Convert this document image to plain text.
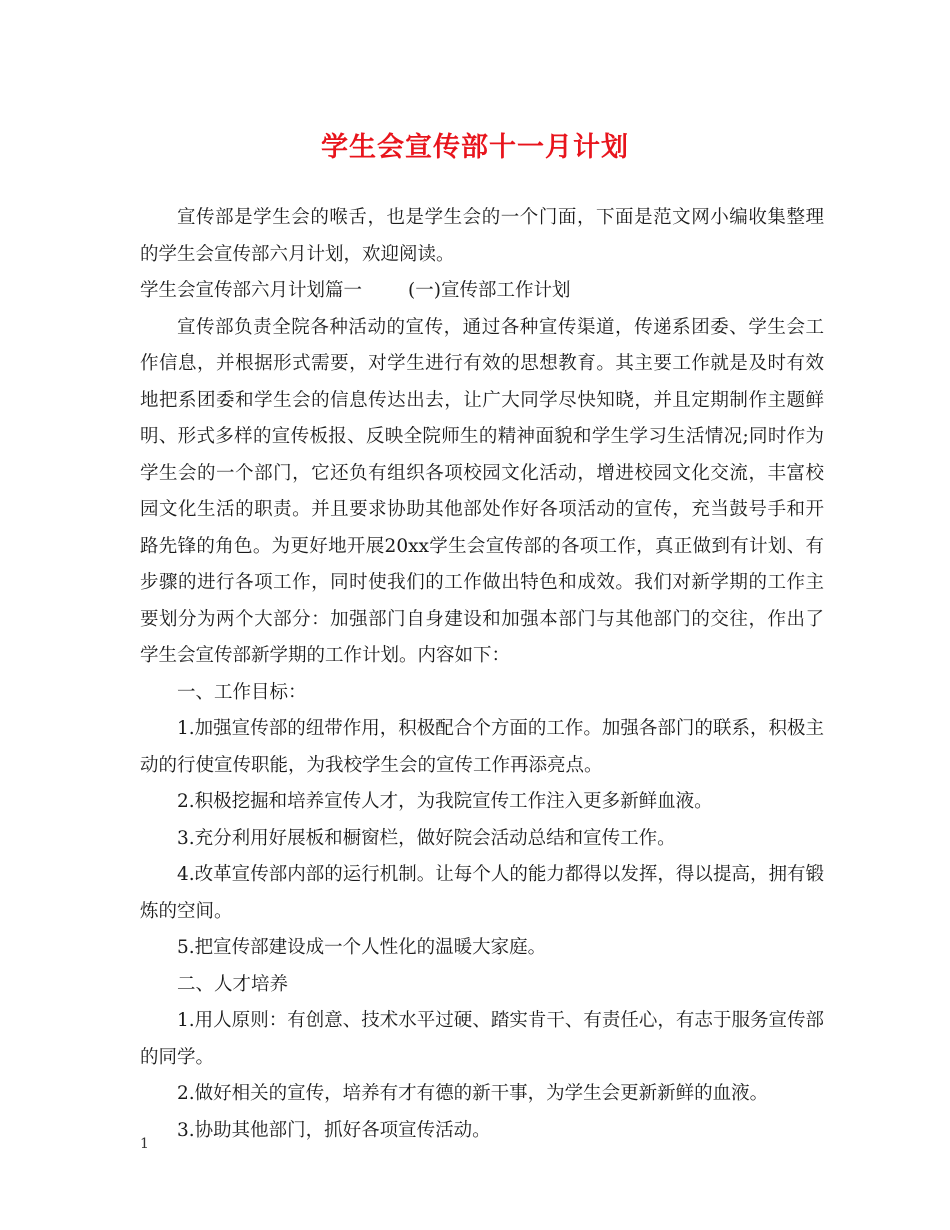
学生会宣传部十一月计划

宣传部是学生会的喉舌，也是学生会的一个门面，下面是范文网小编收集整理的学生会宣传部六月计划，欢迎阅读。

学生会宣传部六月计划篇一 (一)宣传部工作计划

宣传部负责全院各种活动的宣传，通过各种宣传渠道，传递系团委、学生会工作信息，并根据形式需要，对学生进行有效的思想教育。其主要工作就是及时有效地把系团委和学生会的信息传达出去，让广大同学尽快知晓，并且定期制作主题鲜明、形式多样的宣传板报、反映全院师生的精神面貌和学生学习生活情况;同时作为学生会的一个部门，它还负有组织各项校园文化活动，增进校园文化交流，丰富校园文化生活的职责。并且要求协助其他部处作好各项活动的宣传，充当鼓号手和开路先锋的角色。为更好地开展20xx学生会宣传部的各项工作，真正做到有计划、有步骤的进行各项工作，同时使我们的工作做出特色和成效。我们对新学期的工作主要划分为两个大部分：加强部门自身建设和加强本部门与其他部门的交往，作出了学生会宣传部新学期的工作计划。内容如下：

一、工作目标：

1.加强宣传部的纽带作用，积极配合个方面的工作。加强各部门的联系，积极主动的行使宣传职能，为我校学生会的宣传工作再添亮点。

2.积极挖掘和培养宣传人才，为我院宣传工作注入更多新鲜血液。

3.充分利用好展板和橱窗栏，做好院会活动总结和宣传工作。

4.改革宣传部内部的运行机制。让每个人的能力都得以发挥，得以提高，拥有锻炼的空间。

5.把宣传部建设成一个人性化的温暖大家庭。

二、人才培养

1.用人原则：有创意、技术水平过硬、踏实肯干、有责任心，有志于服务宣传部的同学。

2.做好相关的宣传，培养有才有德的新干事，为学生会更新新鲜的血液。

3.协助其他部门，抓好各项宣传活动。

1
